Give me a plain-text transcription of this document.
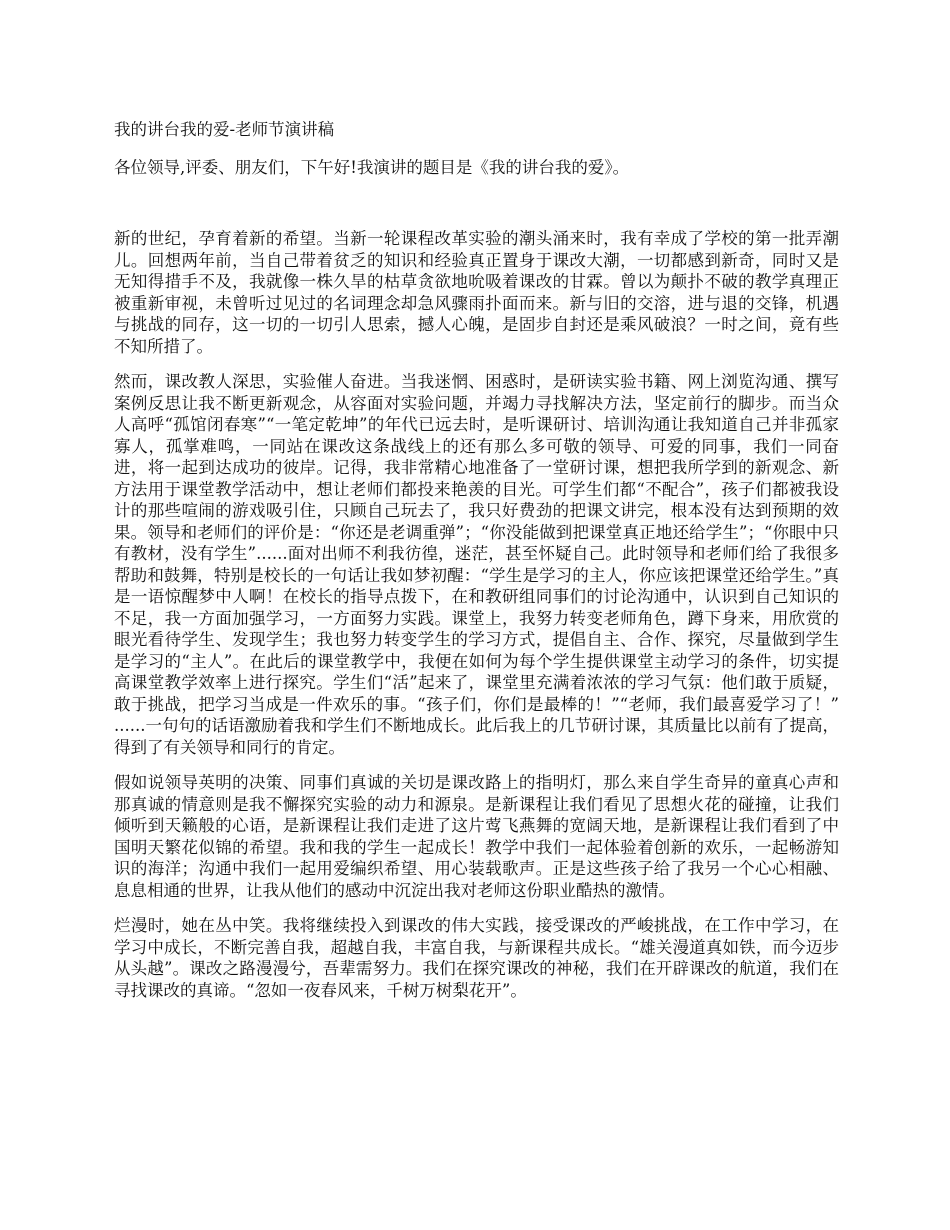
我的讲台我的爱-老师节演讲稿

各位领导,评委、朋友们，下午好!我演讲的题目是《我的讲台我的爱》。

新的世纪，孕育着新的希望。当新一轮课程改革实验的潮头涌来时，我有幸成了学校的第一批弄潮儿。回想两年前，当自己带着贫乏的知识和经验真正置身于课改大潮，一切都感到新奇，同时又是无知得措手不及，我就像一株久旱的枯草贪欲地吮吸着课改的甘霖。曾以为颠扑不破的教学真理正被重新审视，未曾听过见过的名词理念却急风骤雨扑面而来。新与旧的交溶，进与退的交锋，机遇与挑战的同存，这一切的一切引人思索，撼人心魄，是固步自封还是乘风破浪？一时之间，竟有些不知所措了。

然而，课改教人深思，实验催人奋进。当我迷惘、困惑时，是研读实验书籍、网上浏览沟通、撰写案例反思让我不断更新观念，从容面对实验问题，并竭力寻找解决方法，坚定前行的脚步。而当众人高呼“孤馆闭春寒”“一笔定乾坤”的年代已远去时，是听课研讨、培训沟通让我知道自己并非孤家寡人，孤掌难鸣，一同站在课改这条战线上的还有那么多可敬的领导、可爱的同事，我们一同奋进，将一起到达成功的彼岸。记得，我非常精心地准备了一堂研讨课，想把我所学到的新观念、新方法用于课堂教学活动中，想让老师们都投来艳羡的目光。可学生们都“不配合”，孩子们都被我设计的那些喧闹的游戏吸引住，只顾自己玩去了，我只好费劲的把课文讲完，根本没有达到预期的效果。领导和老师们的评价是：“你还是老调重弹”；“你没能做到把课堂真正地还给学生”；“你眼中只有教材，没有学生”......面对出师不利我彷徨，迷茫，甚至怀疑自己。此时领导和老师们给了我很多帮助和鼓舞，特别是校长的一句话让我如梦初醒：“学生是学习的主人，你应该把课堂还给学生。”真是一语惊醒梦中人啊！在校长的指导点拨下，在和教研组同事们的讨论沟通中，认识到自己知识的不足，我一方面加强学习，一方面努力实践。课堂上，我努力转变老师角色，蹲下身来，用欣赏的眼光看待学生、发现学生；我也努力转变学生的学习方式，提倡自主、合作、探究，尽量做到学生是学习的“主人”。在此后的课堂教学中，我便在如何为每个学生提供课堂主动学习的条件，切实提高课堂教学效率上进行探究。学生们“活”起来了，课堂里充满着浓浓的学习气氛：他们敢于质疑，敢于挑战，把学习当成是一件欢乐的事。“孩子们，你们是最棒的！”“老师，我们最喜爱学习了！” ......一句句的话语激励着我和学生们不断地成长。此后我上的几节研讨课，其质量比以前有了提高，得到了有关领导和同行的肯定。

假如说领导英明的决策、同事们真诚的关切是课改路上的指明灯，那么来自学生奇异的童真心声和那真诚的情意则是我不懈探究实验的动力和源泉。是新课程让我们看见了思想火花的碰撞，让我们倾听到天籁般的心语，是新课程让我们走进了这片莺飞燕舞的宽阔天地，是新课程让我们看到了中国明天繁花似锦的希望。我和我的学生一起成长！教学中我们一起体验着创新的欢乐，一起畅游知识的海洋；沟通中我们一起用爱编织希望、用心装载歌声。正是这些孩子给了我另一个心心相融、息息相通的世界，让我从他们的感动中沉淀出我对老师这份职业酷热的激情。

烂漫时，她在丛中笑。我将继续投入到课改的伟大实践，接受课改的严峻挑战，在工作中学习，在学习中成长，不断完善自我，超越自我，丰富自我，与新课程共成长。“雄关漫道真如铁，而今迈步从头越”。课改之路漫漫兮，吾辈需努力。我们在探究课改的神秘，我们在开辟课改的航道，我们在寻找课改的真谛。“忽如一夜春风来，千树万树梨花开”。
